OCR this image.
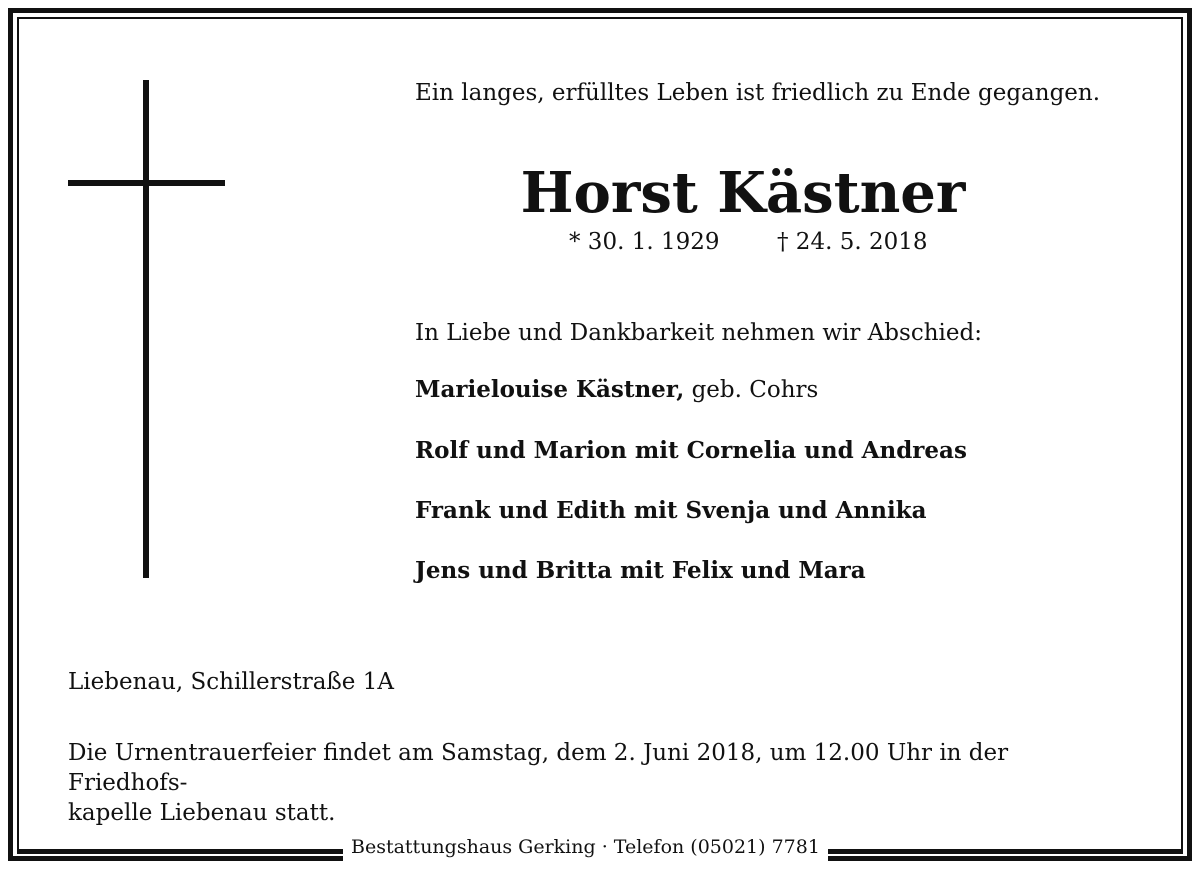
Ein langes, erfülltes Leben ist friedlich zu Ende gegangen.
Horst Kästner
* 30. 1. 1929	† 24. 5. 2018
In Liebe und Dankbarkeit nehmen wir Abschied:
Marielouise Kästner, geb. Cohrs
Rolf und Marion mit Cornelia und Andreas
Frank und Edith mit Svenja und Annika
Jens und Britta mit Felix und Mara
Liebenau, Schillerstraße 1A
Die Urnentrauerfeier findet am Samstag, dem 2. Juni 2018, um 12.00 Uhr in der Friedhofs-
kapelle Liebenau statt.
Bestattungshaus Gerking · Telefon (05021) 7781
